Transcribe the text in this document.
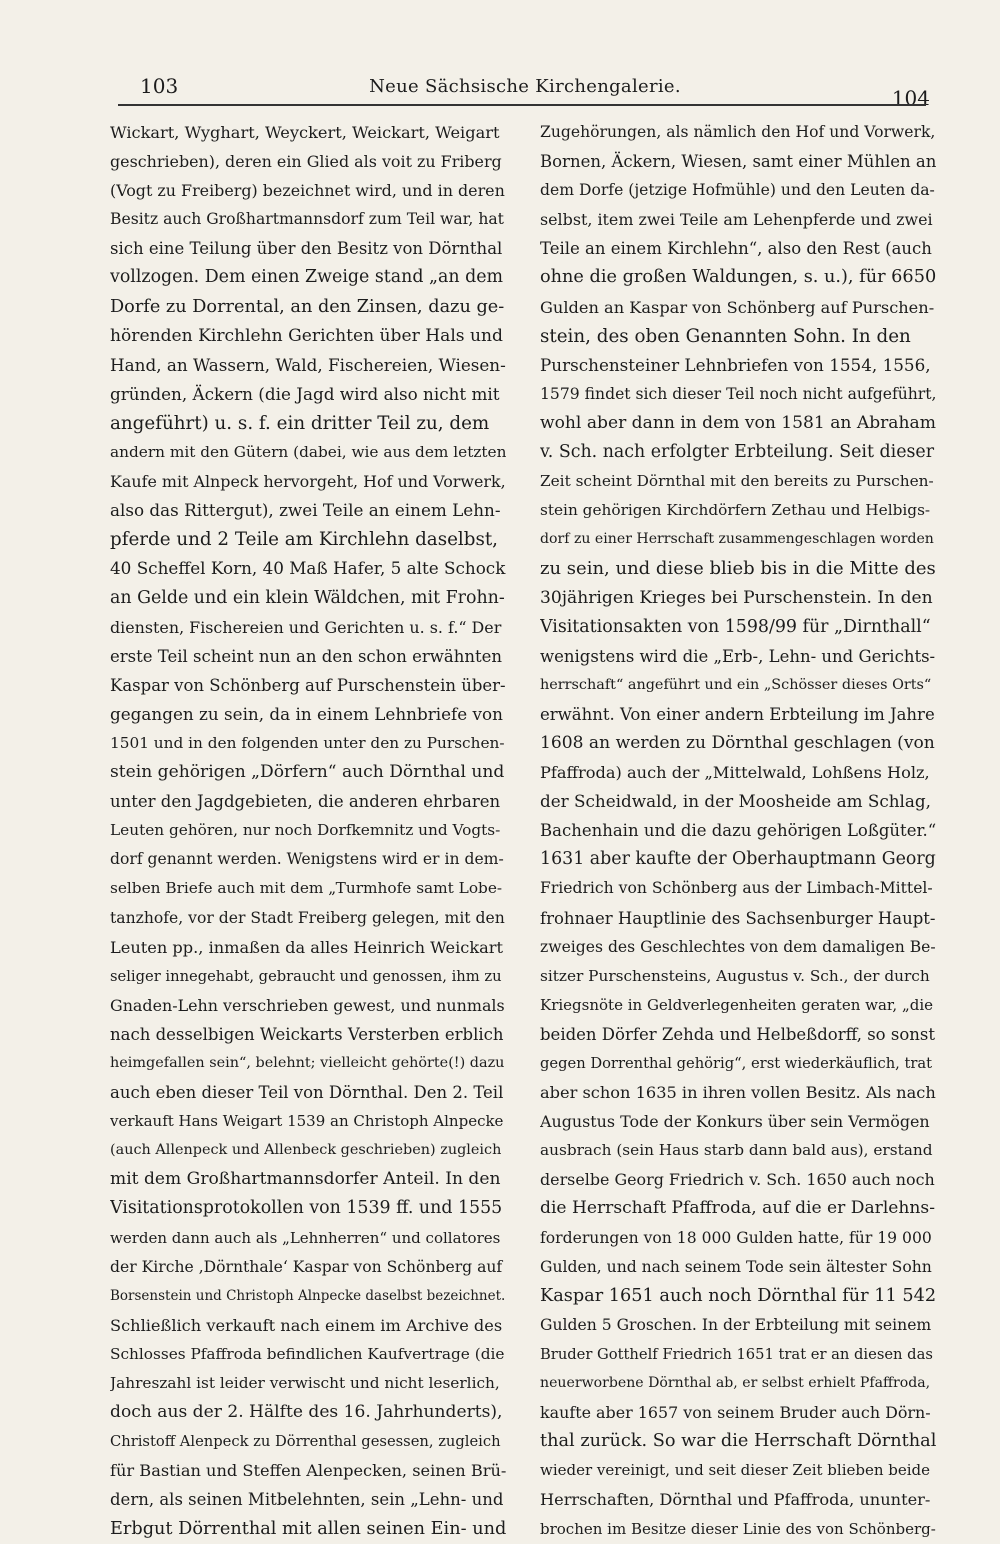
103	Neue Sächsische Kirchengalerie.	104
Wickart, Wyghart, Weyckert, Weickart, Weigart
geschrieben), deren ein Glied als voit zu Friberg
(Vogt zu Freiberg) bezeichnet wird, und in deren
Besitz auch Großhartmannsdorf zum Teil war, hat
sich eine Teilung über den Besitz von Dörnthal
vollzogen. Dem einen Zweige stand „an dem
Dorfe zu Dorrental, an den Zinsen, dazu ge-
hörenden Kirchlehn Gerichten über Hals und
Hand, an Wassern, Wald, Fischereien, Wiesen-
gründen, Äckern (die Jagd wird also nicht mit
angeführt) u. s. f. ein dritter Teil zu, dem
andern mit den Gütern (dabei, wie aus dem letzten
Kaufe mit Alnpeck hervorgeht, Hof und Vorwerk,
also das Rittergut), zwei Teile an einem Lehn-
pferde und 2 Teile am Kirchlehn daselbst,
40 Scheffel Korn, 40 Maß Hafer, 5 alte Schock
an Gelde und ein klein Wäldchen, mit Frohn-
diensten, Fischereien und Gerichten u. s. f.“ Der
erste Teil scheint nun an den schon erwähnten
Kaspar von Schönberg auf Purschenstein über-
gegangen zu sein, da in einem Lehnbriefe von
1501 und in den folgenden unter den zu Purschen-
stein gehörigen „Dörfern“ auch Dörnthal und
unter den Jagdgebieten, die anderen ehrbaren
Leuten gehören, nur noch Dorfkemnitz und Vogts-
dorf genannt werden. Wenigstens wird er in dem-
selben Briefe auch mit dem „Turmhofe samt Lobe-
tanzhofe, vor der Stadt Freiberg gelegen, mit den
Leuten pp., inmaßen da alles Heinrich Weickart
seliger innegehabt, gebraucht und genossen, ihm zu
Gnaden-Lehn verschrieben gewest, und nunmals
nach desselbigen Weickarts Versterben erblich
heimgefallen sein“, belehnt; vielleicht gehörte(!) dazu
auch eben dieser Teil von Dörnthal. Den 2. Teil
verkauft Hans Weigart 1539 an Christoph Alnpecke
(auch Allenpeck und Allenbeck geschrieben) zugleich
mit dem Großhartmannsdorfer Anteil. In den
Visitationsprotokollen von 1539 ff. und 1555
werden dann auch als „Lehnherren“ und collatores
der Kirche ‚Dörnthale‘ Kaspar von Schönberg auf
Borsenstein und Christoph Alnpecke daselbst bezeichnet.
Schließlich verkauft nach einem im Archive des
Schlosses Pfaffroda befindlichen Kaufvertrage (die
Jahreszahl ist leider verwischt und nicht leserlich,
doch aus der 2. Hälfte des 16. Jahrhunderts),
Christoff Alenpeck zu Dörrenthal gesessen, zugleich
für Bastian und Steffen Alenpecken, seinen Brü-
dern, als seinen Mitbelehnten, sein „Lehn- und
Erbgut Dörrenthal mit allen seinen Ein- und
Zugehörungen, als nämlich den Hof und Vorwerk,
Bornen, Äckern, Wiesen, samt einer Mühlen an
dem Dorfe (jetzige Hofmühle) und den Leuten da-
selbst, item zwei Teile am Lehenpferde und zwei
Teile an einem Kirchlehn“, also den Rest (auch
ohne die großen Waldungen, s. u.), für 6650
Gulden an Kaspar von Schönberg auf Purschen-
stein, des oben Genannten Sohn. In den
Purschensteiner Lehnbriefen von 1554, 1556,
1579 findet sich dieser Teil noch nicht aufgeführt,
wohl aber dann in dem von 1581 an Abraham
v. Sch. nach erfolgter Erbteilung. Seit dieser
Zeit scheint Dörnthal mit den bereits zu Purschen-
stein gehörigen Kirchdörfern Zethau und Helbigs-
dorf zu einer Herrschaft zusammengeschlagen worden
zu sein, und diese blieb bis in die Mitte des
30jährigen Krieges bei Purschenstein. In den
Visitationsakten von 1598/99 für „Dirnthall“
wenigstens wird die „Erb-, Lehn- und Gerichts-
herrschaft“ angeführt und ein „Schösser dieses Orts“
erwähnt. Von einer andern Erbteilung im Jahre
1608 an werden zu Dörnthal geschlagen (von
Pfaffroda) auch der „Mittelwald, Lohßens Holz,
der Scheidwald, in der Moosheide am Schlag,
Bachenhain und die dazu gehörigen Loßgüter.“
1631 aber kaufte der Oberhauptmann Georg
Friedrich von Schönberg aus der Limbach-Mittel-
frohnaer Hauptlinie des Sachsenburger Haupt-
zweiges des Geschlechtes von dem damaligen Be-
sitzer Purschensteins, Augustus v. Sch., der durch
Kriegsnöte in Geldverlegenheiten geraten war, „die
beiden Dörfer Zehda und Helbeßdorff, so sonst
gegen Dorrenthal gehörig“, erst wiederkäuflich, trat
aber schon 1635 in ihren vollen Besitz. Als nach
Augustus Tode der Konkurs über sein Vermögen
ausbrach (sein Haus starb dann bald aus), erstand
derselbe Georg Friedrich v. Sch. 1650 auch noch
die Herrschaft Pfaffroda, auf die er Darlehns-
forderungen von 18 000 Gulden hatte, für 19 000
Gulden, und nach seinem Tode sein ältester Sohn
Kaspar 1651 auch noch Dörnthal für 11 542
Gulden 5 Groschen. In der Erbteilung mit seinem
Bruder Gotthelf Friedrich 1651 trat er an diesen das
neuerworbene Dörnthal ab, er selbst erhielt Pfaffroda,
kaufte aber 1657 von seinem Bruder auch Dörn-
thal zurück. So war die Herrschaft Dörnthal
wieder vereinigt, und seit dieser Zeit blieben beide
Herrschaften, Dörnthal und Pfaffroda, ununter-
brochen im Besitze dieser Linie des von Schönberg-
